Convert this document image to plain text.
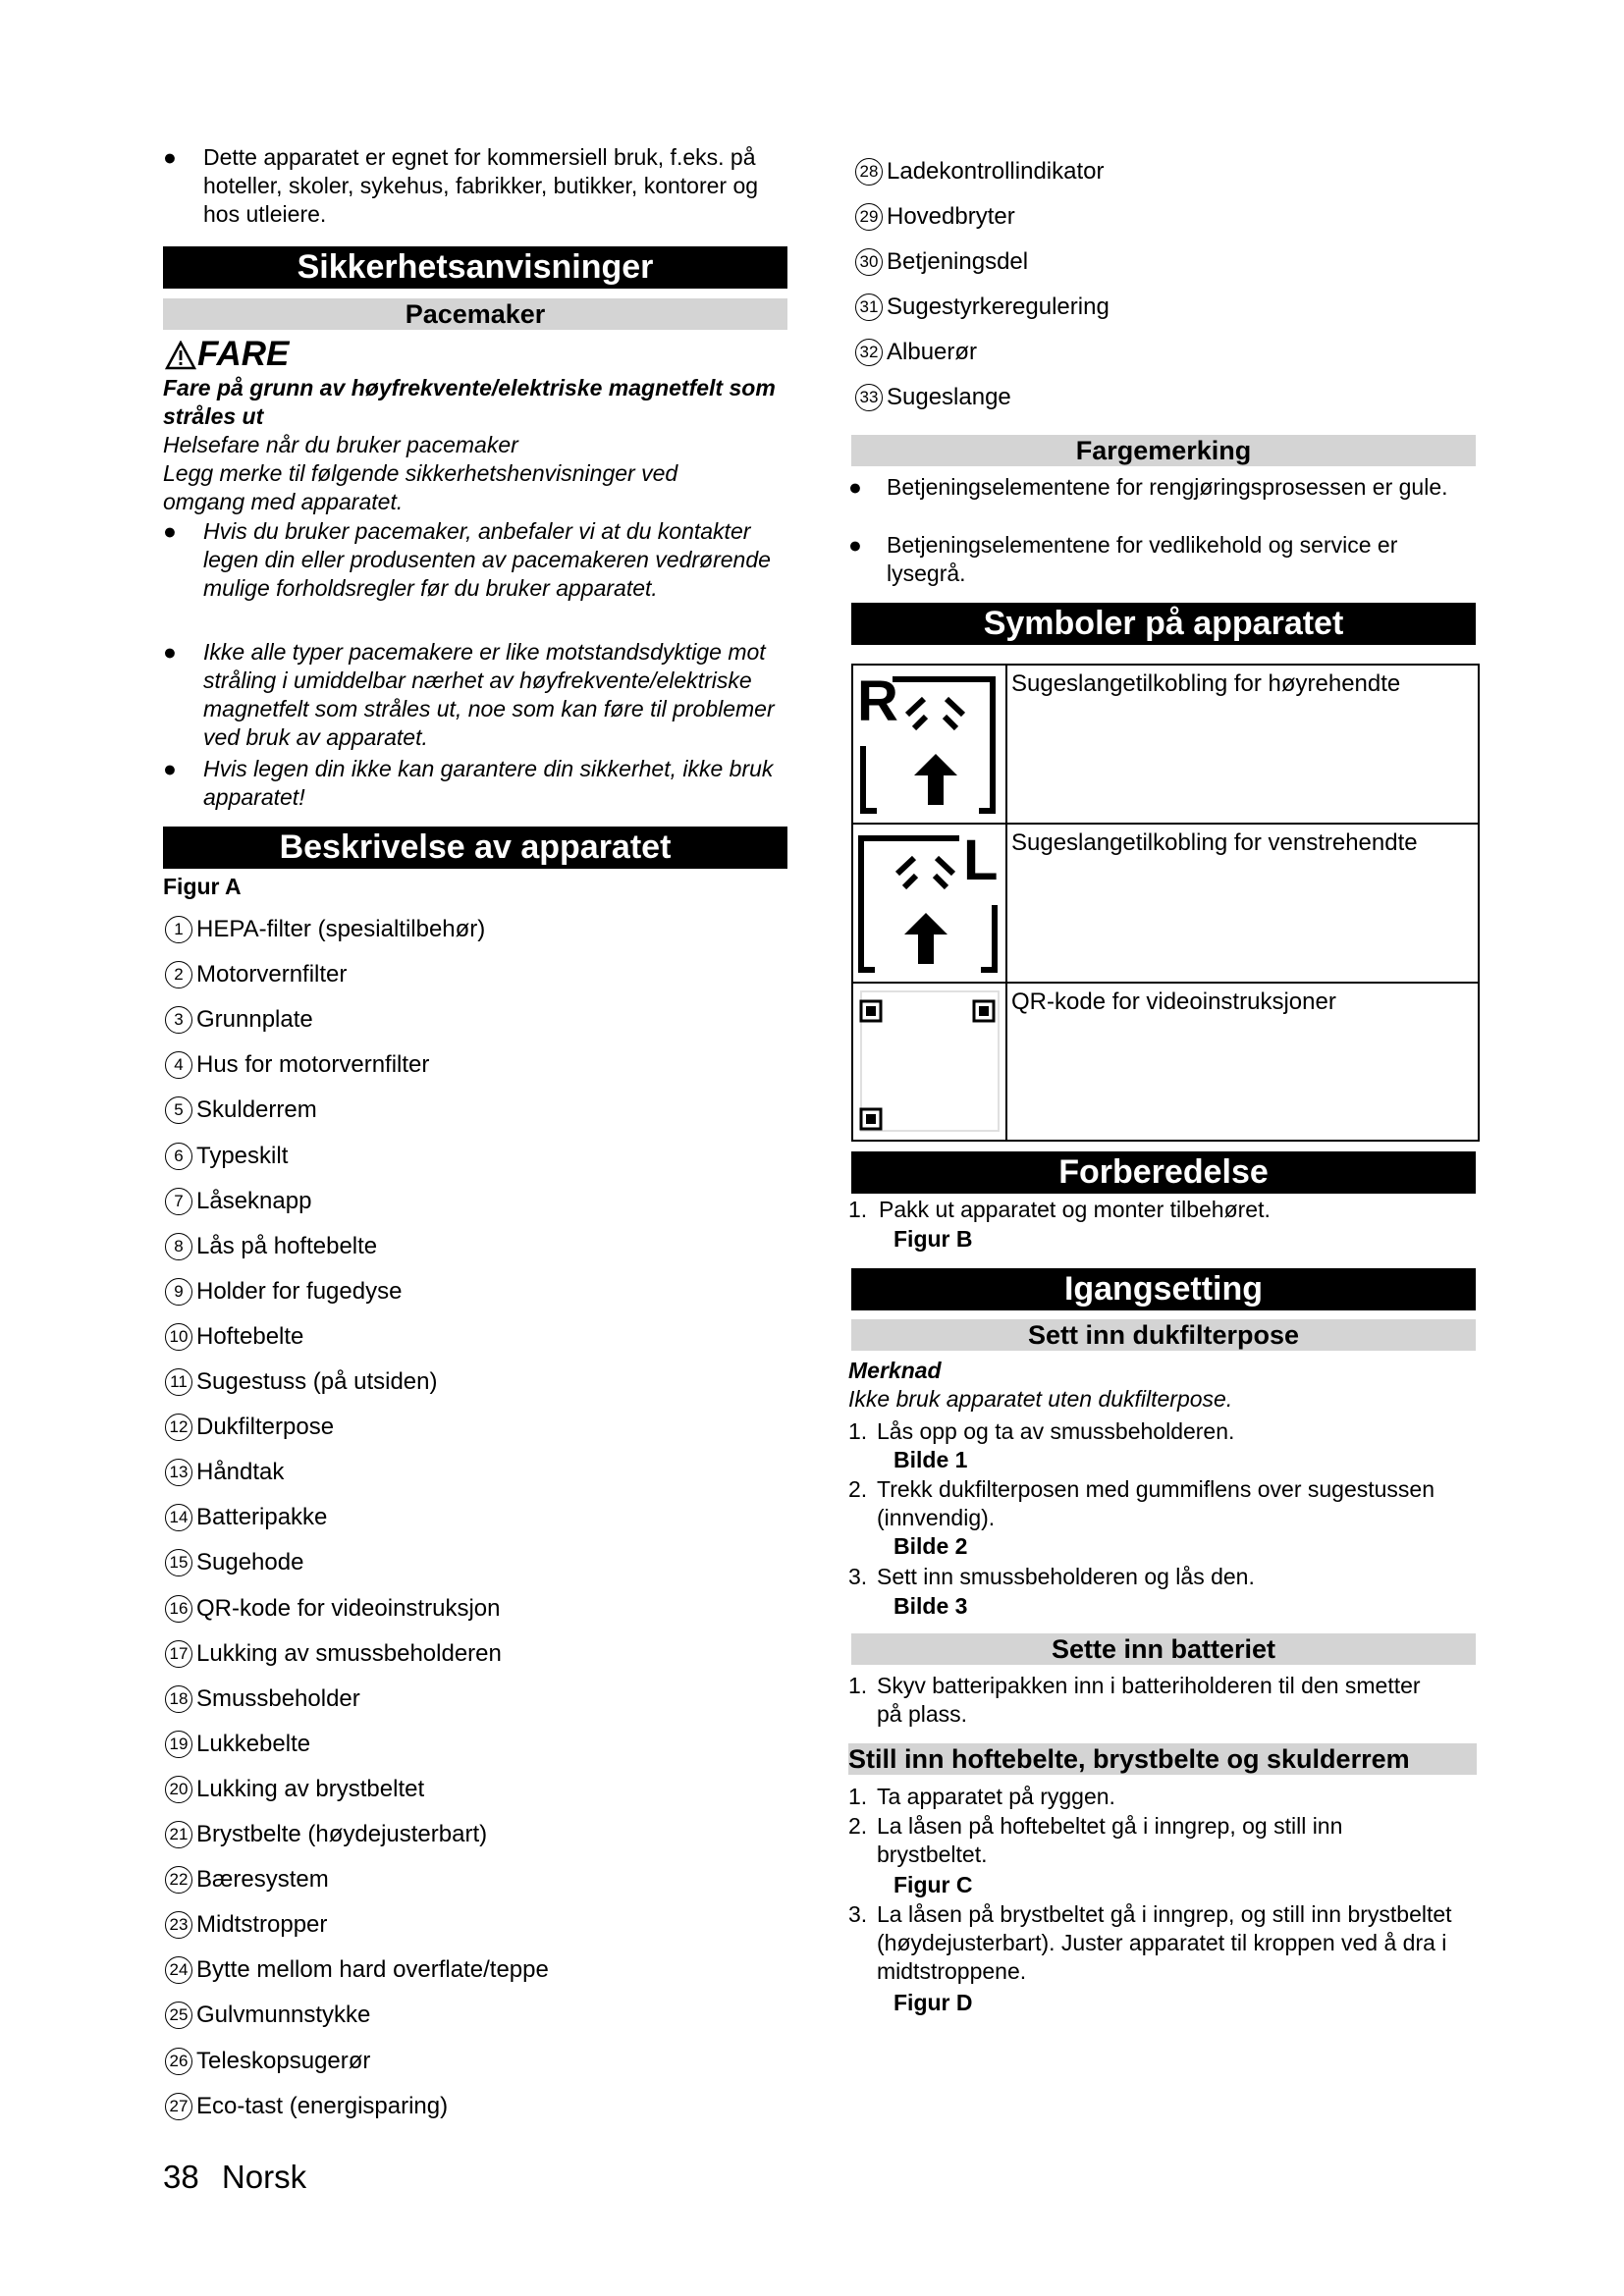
● Dette apparatet er egnet for kommersiell bruk, f.eks. på hoteller, skoler, sykehus, fabrikker, butikker, kontorer og hos utleiere.
Sikkerhetsanvisninger
Pacemaker
FARE
Fare på grunn av høyfrekvente/elektriske magnetfelt som stråles ut
Helsefare når du bruker pacemaker
Legg merke til følgende sikkerhetshenvisninger ved omgang med apparatet.
● Hvis du bruker pacemaker, anbefaler vi at du kontakter legen din eller produsenten av pacemakeren vedrørende mulige forholdsregler før du bruker apparatet.
● Ikke alle typer pacemakere er like motstandsdyktige mot stråling i umiddelbar nærhet av høyfrekvente/elektriske magnetfelt som stråles ut, noe som kan føre til problemer ved bruk av apparatet.
● Hvis legen din ikke kan garantere din sikkerhet, ikke bruk apparatet!
Beskrivelse av apparatet
Figur A
1 HEPA-filter (spesialtilbehør)
2 Motorvernfilter
3 Grunnplate
4 Hus for motorvernfilter
5 Skulderrem
6 Typeskilt
7 Låseknapp
8 Lås på hoftebelte
9 Holder for fugedyse
10 Hoftebelte
11 Sugestuss (på utsiden)
12 Dukfilterpose
13 Håndtak
14 Batteripakke
15 Sugehode
16 QR-kode for videoinstruksjon
17 Lukking av smussbeholderen
18 Smussbeholder
19 Lukkebelte
20 Lukking av brystbeltet
21 Brystbelte (høydejusterbart)
22 Bæresystem
23 Midtstropper
24 Bytte mellom hard overflate/teppe
25 Gulvmunnstykke
26 Teleskopsugerør
27 Eco-tast (energisparing)
28 Ladekontrollindikator
29 Hovedbryter
30 Betjeningsdel
31 Sugestyrkeregulering
32 Albuerør
33 Sugeslange
Fargemerking
● Betjeningselementene for rengjøringsprosessen er gule.
● Betjeningselementene for vedlikehold og service er lysegrå.
Symboler på apparatet
R	Sugeslangetilkobling for høyrehendte
L Sugeslangetilkobling for venstrehendte
QR-kode for videoinstruksjoner
Forberedelse
1. Pakk ut apparatet og monter tilbehøret.
Figur B
Igangsetting
Sett inn dukfilterpose
Merknad
Ikke bruk apparatet uten dukfilterpose.
1. Lås opp og ta av smussbeholderen.
Bilde 1
2. Trekk dukfilterposen med gummiflens over sugestussen (innvendig).
Bilde 2
3. Sett inn smussbeholderen og lås den.
Bilde 3
Sette inn batteriet
1. Skyv batteripakken inn i batteriholderen til den smetter på plass.
Still inn hoftebelte, brystbelte og skulderrem
1. Ta apparatet på ryggen.
2. La låsen på hoftebeltet gå i inngrep, og still inn brystbeltet.
Figur C
3. La låsen på brystbeltet gå i inngrep, og still inn brystbeltet (høydejusterbart). Juster apparatet til kroppen ved å dra i midtstroppene.
Figur D
38 Norsk
